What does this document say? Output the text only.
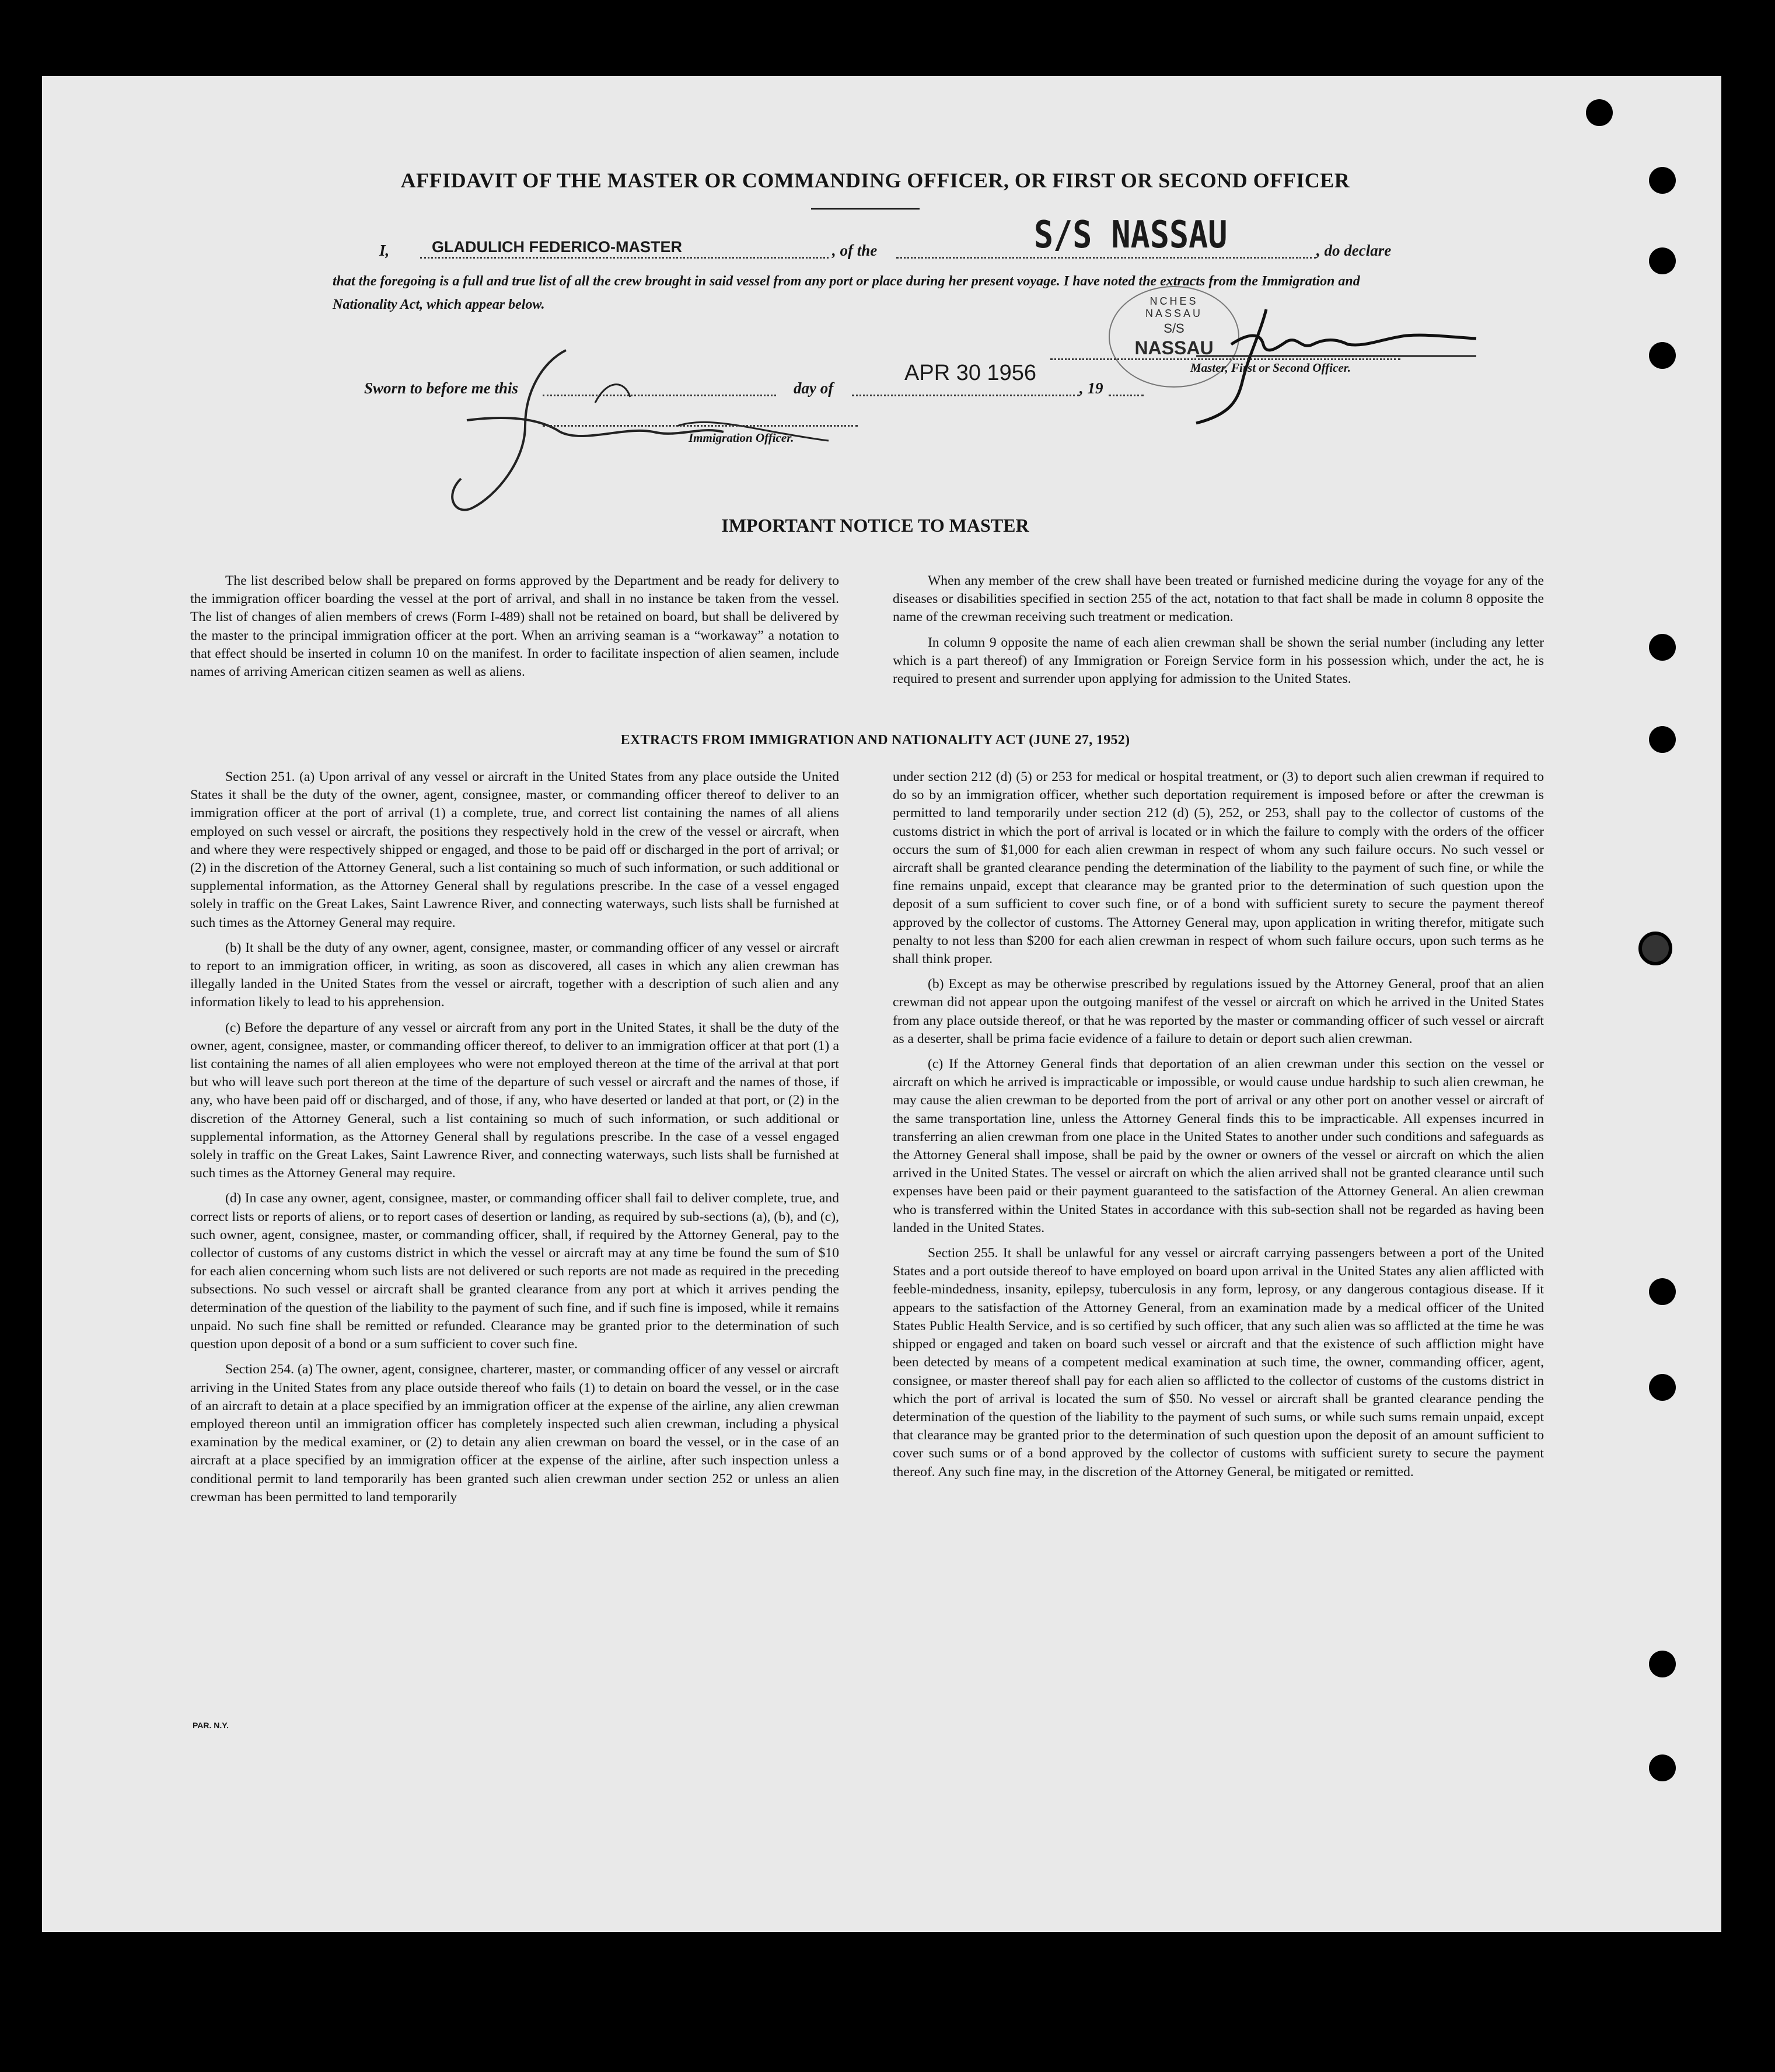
AFFIDAVIT OF THE MASTER OR COMMANDING OFFICER, OR FIRST OR SECOND OFFICER
I,	GLADULICH FEDERICO-MASTER	, of the	S/S NASSAU	, do declare
that the foregoing is a full and true list of all the crew brought in said vessel from any port or place during her present voyage. I have noted the extracts from the Immigration and Nationality Act, which appear below.	NCHES NASSAU
S/S
NASSAU
Master, First or Second Officer.
Sworn to before me this	day of
APR 30 1956
, 19
Immigration Officer.
IMPORTANT NOTICE TO MASTER

The list described below shall be prepared on forms approved by the Department and be ready for delivery to the immigration officer boarding the vessel at the port of arrival, and shall in no instance be taken from the vessel. The list of changes of alien members of crews (Form I-489) shall not be retained on board, but shall be delivered by the master to the principal immigration officer at the port. When an arriving seaman is a “workaway” a notation to that effect should be inserted in column 10 on the manifest. In order to facilitate inspection of alien seamen, include names of arriving American citizen seamen as well as aliens.

When any member of the crew shall have been treated or furnished medicine during the voyage for any of the diseases or disabilities specified in section 255 of the act, notation to that fact shall be made in column 8 opposite the name of the crewman receiving such treatment or medication.

In column 9 opposite the name of each alien crewman shall be shown the serial number (including any letter which is a part thereof) of any Immigration or Foreign Service form in his possession which, under the act, he is required to present and surrender upon applying for admission to the United States.

EXTRACTS FROM IMMIGRATION AND NATIONALITY ACT (JUNE 27, 1952)

Section 251. (a) Upon arrival of any vessel or aircraft in the United States from any place outside the United States it shall be the duty of the owner, agent, consignee, master, or commanding officer thereof to deliver to an immigration officer at the port of arrival (1) a complete, true, and correct list containing the names of all aliens employed on such vessel or aircraft, the positions they respectively hold in the crew of the vessel or aircraft, when and where they were respectively shipped or engaged, and those to be paid off or discharged in the port of arrival; or (2) in the discretion of the Attorney General, such a list containing so much of such information, or such additional or supplemental information, as the Attorney General shall by regulations prescribe. In the case of a vessel engaged solely in traffic on the Great Lakes, Saint Lawrence River, and connecting waterways, such lists shall be furnished at such times as the Attorney General may require.

(b) It shall be the duty of any owner, agent, consignee, master, or commanding officer of any vessel or aircraft to report to an immigration officer, in writing, as soon as discovered, all cases in which any alien crewman has illegally landed in the United States from the vessel or aircraft, together with a description of such alien and any information likely to lead to his apprehension.

(c) Before the departure of any vessel or aircraft from any port in the United States, it shall be the duty of the owner, agent, consignee, master, or commanding officer thereof, to deliver to an immigration officer at that port (1) a list containing the names of all alien employees who were not employed thereon at the time of the arrival at that port but who will leave such port thereon at the time of the departure of such vessel or aircraft and the names of those, if any, who have been paid off or discharged, and of those, if any, who have deserted or landed at that port, or (2) in the discretion of the Attorney General, such a list containing so much of such information, or such additional or supplemental information, as the Attorney General shall by regulations prescribe. In the case of a vessel engaged solely in traffic on the Great Lakes, Saint Lawrence River, and connecting waterways, such lists shall be furnished at such times as the Attorney General may require.

(d) In case any owner, agent, consignee, master, or commanding officer shall fail to deliver complete, true, and correct lists or reports of aliens, or to report cases of desertion or landing, as required by sub-sections (a), (b), and (c), such owner, agent, consignee, master, or commanding officer, shall, if required by the Attorney General, pay to the collector of customs of any customs district in which the vessel or aircraft may at any time be found the sum of $10 for each alien concerning whom such lists are not delivered or such reports are not made as required in the preceding subsections. No such vessel or aircraft shall be granted clearance from any port at which it arrives pending the determination of the question of the liability to the payment of such fine, and if such fine is imposed, while it remains unpaid. No such fine shall be remitted or refunded. Clearance may be granted prior to the determination of such question upon deposit of a bond or a sum sufficient to cover such fine.

Section 254. (a) The owner, agent, consignee, charterer, master, or commanding officer of any vessel or aircraft arriving in the United States from any place outside thereof who fails (1) to detain on board the vessel, or in the case of an aircraft to detain at a place specified by an immigration officer at the expense of the airline, any alien crewman employed thereon until an immigration officer has completely inspected such alien crewman, including a physical examination by the medical examiner, or (2) to detain any alien crewman on board the vessel, or in the case of an aircraft at a place specified by an immigration officer at the expense of the airline, after such inspection unless a conditional permit to land temporarily has been granted such alien crewman under section 252 or unless an alien crewman has been permitted to land temporarily

under section 212 (d) (5) or 253 for medical or hospital treatment, or (3) to deport such alien crewman if required to do so by an immigration officer, whether such deportation requirement is imposed before or after the crewman is permitted to land temporarily under section 212 (d) (5), 252, or 253, shall pay to the collector of customs of the customs district in which the port of arrival is located or in which the failure to comply with the orders of the officer occurs the sum of $1,000 for each alien crewman in respect of whom any such failure occurs. No such vessel or aircraft shall be granted clearance pending the determination of the liability to the payment of such fine, or while the fine remains unpaid, except that clearance may be granted prior to the determination of such question upon the deposit of a sum sufficient to cover such fine, or of a bond with sufficient surety to secure the payment thereof approved by the collector of customs. The Attorney General may, upon application in writing therefor, mitigate such penalty to not less than $200 for each alien crewman in respect of whom such failure occurs, upon such terms as he shall think proper.

(b) Except as may be otherwise prescribed by regulations issued by the Attorney General, proof that an alien crewman did not appear upon the outgoing manifest of the vessel or aircraft on which he arrived in the United States from any place outside thereof, or that he was reported by the master or commanding officer of such vessel or aircraft as a deserter, shall be prima facie evidence of a failure to detain or deport such alien crewman.

(c) If the Attorney General finds that deportation of an alien crewman under this section on the vessel or aircraft on which he arrived is impracticable or impossible, or would cause undue hardship to such alien crewman, he may cause the alien crewman to be deported from the port of arrival or any other port on another vessel or aircraft of the same transportation line, unless the Attorney General finds this to be impracticable. All expenses incurred in transferring an alien crewman from one place in the United States to another under such conditions and safeguards as the Attorney General shall impose, shall be paid by the owner or owners of the vessel or aircraft on which the alien arrived in the United States. The vessel or aircraft on which the alien arrived shall not be granted clearance until such expenses have been paid or their payment guaranteed to the satisfaction of the Attorney General. An alien crewman who is transferred within the United States in accordance with this sub-section shall not be regarded as having been landed in the United States.

Section 255. It shall be unlawful for any vessel or aircraft carrying passengers between a port of the United States and a port outside thereof to have employed on board upon arrival in the United States any alien afflicted with feeble-mindedness, insanity, epilepsy, tuberculosis in any form, leprosy, or any dangerous contagious disease. If it appears to the satisfaction of the Attorney General, from an examination made by a medical officer of the United States Public Health Service, and is so certified by such officer, that any such alien was so afflicted at the time he was shipped or engaged and taken on board such vessel or aircraft and that the existence of such affliction might have been detected by means of a competent medical examination at such time, the owner, commanding officer, agent, consignee, or master thereof shall pay for each alien so afflicted to the collector of customs of the customs district in which the port of arrival is located the sum of $50. No vessel or aircraft shall be granted clearance pending the determination of the question of the liability to the payment of such sums, or while such sums remain unpaid, except that clearance may be granted prior to the determination of such question upon the deposit of an amount sufficient to cover such sums or of a bond approved by the collector of customs with sufficient surety to secure the payment thereof. Any such fine may, in the discretion of the Attorney General, be mitigated or remitted.

PAR. N.Y.
